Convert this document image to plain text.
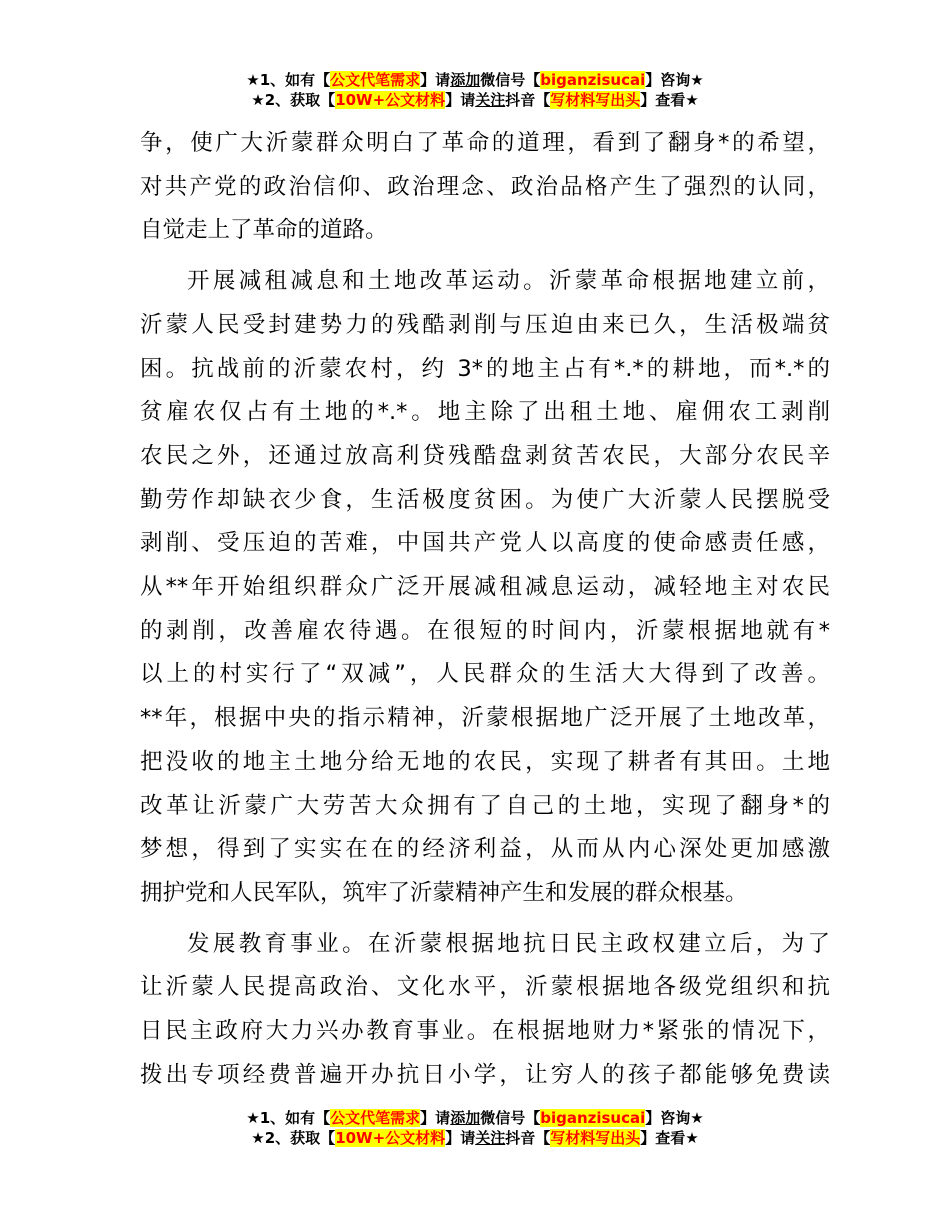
★1、如有【公文代笔需求】请添加微信号【biganzisucai】咨询★
★2、获取【10W+公文材料】请关注抖音【写材料写出头】查看★

争，使广大沂蒙群众明白了革命的道理，看到了翻身*的希望，
对共产党的政治信仰、政治理念、政治品格产生了强烈的认同，
自觉走上了革命的道路。

开展减租减息和土地改革运动。沂蒙革命根据地建立前，
沂蒙人民受封建势力的残酷剥削与压迫由来已久，生活极端贫
困。抗战前的沂蒙农村，约 3*的地主占有*.*的耕地，而*.*的
贫雇农仅占有土地的*.*。地主除了出租土地、雇佣农工剥削
农民之外，还通过放高利贷残酷盘剥贫苦农民，大部分农民辛
勤劳作却缺衣少食，生活极度贫困。为使广大沂蒙人民摆脱受
剥削、受压迫的苦难，中国共产党人以高度的使命感责任感，
从**年开始组织群众广泛开展减租减息运动，减轻地主对农民
的剥削，改善雇农待遇。在很短的时间内，沂蒙根据地就有*
以上的村实行了“双减”，人民群众的生活大大得到了改善。
**年，根据中央的指示精神，沂蒙根据地广泛开展了土地改革，
把没收的地主土地分给无地的农民，实现了耕者有其田。土地
改革让沂蒙广大劳苦大众拥有了自己的土地，实现了翻身*的
梦想，得到了实实在在的经济利益，从而从内心深处更加感激
拥护党和人民军队，筑牢了沂蒙精神产生和发展的群众根基。

发展教育事业。在沂蒙根据地抗日民主政权建立后，为了
让沂蒙人民提高政治、文化水平，沂蒙根据地各级党组织和抗
日民主政府大力兴办教育事业。在根据地财力*紧张的情况下，
拨出专项经费普遍开办抗日小学，让穷人的孩子都能够免费读

★1、如有【公文代笔需求】请添加微信号【biganzisucai】咨询★
★2、获取【10W+公文材料】请关注抖音【写材料写出头】查看★
